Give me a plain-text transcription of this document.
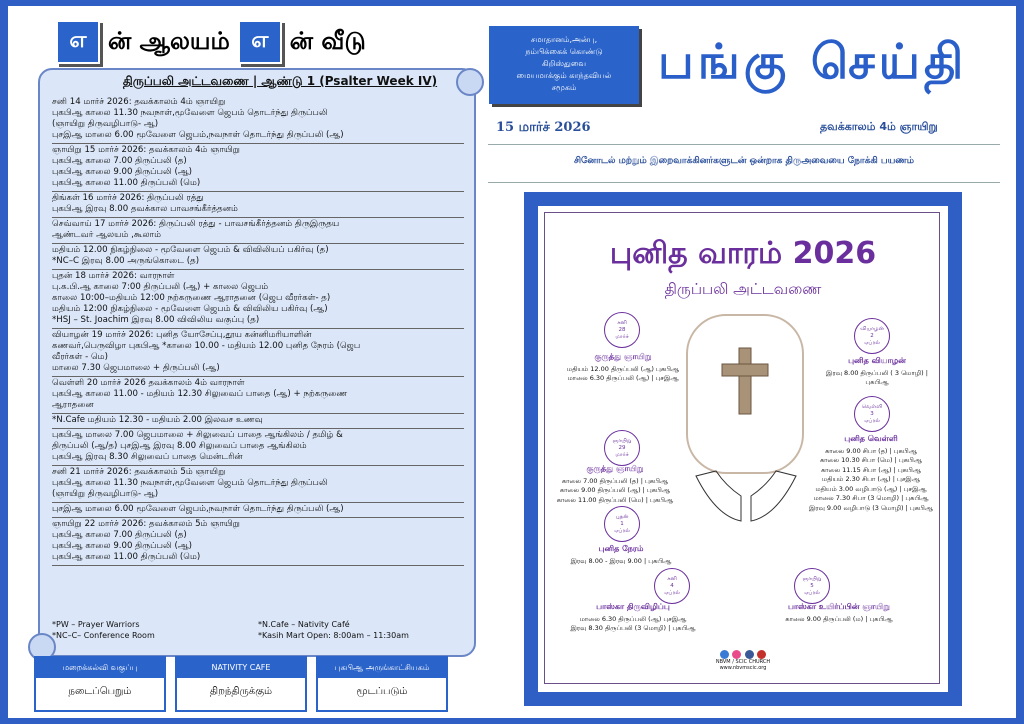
எ ன் ஆலயம் எ ன் வீடு
திருப்பலி அட்டவணை | ஆண்டு 1 (Psalter Week IV)
சனி 14 மார்ச் 2026: தவக்காலம் 4ம் ஞாயிறு
புகபிஆ காலை 11.30 நவநாள்,மூவேளை ஜெபம் தொடர்ந்து திருப்பலி
(ஞாயிறு திருவழிபாடு- ஆ)
புசஇஆ மாலை 6.00 மூவேளை ஜெபம்,நவநாள் தொடர்ந்து திருப்பலி (ஆ)
ஞாயிறு 15 மார்ச் 2026: தவக்காலம் 4ம் ஞாயிறு
புகபிஆ காலை 7.00 திருப்பலி (த)
புகபிஆ காலை 9.00 திருப்பலி (ஆ)
புகபிஆ காலை 11.00 திருப்பலி (மெ)
திங்கள் 16 மார்ச் 2026: திருப்பலி ரத்து
புகபிஆ இரவு 8.00 தவக்கால பாவசங்கீர்த்தனம்
செவ்வாய் 17 மார்ச் 2026: திருப்பலி ரத்து - பாவசங்கீர்த்தனம் திருஇருதய
ஆண்டவர் ஆலயம் ,கூலாம்
மதியம் 12.00 நிகழ்நிலை - மூவேளை ஜெபம் & விவிலியப் பகிர்வு (த)
*NC–C இரவு 8.00 அருங்கொடை (த)
புதன் 18 மார்ச் 2026: வாரநாள்
பு.க.பி.ஆ காலை 7:00 திருப்பலி (ஆ) + காலை ஜெபம்
காலை 10:00–மதியம் 12:00 நற்கருணை ஆராதனை (ஜெப வீரர்கள்- த)
மதியம் 12:00 நிகழ்நிலை - மூவேளை ஜெபம் & விவிலிய பகிர்வு (ஆ)
*HSJ – St. Joachim இரவு 8.00 விவிலிய வகுப்பு (த)
வியாழன் 19 மார்ச் 2026: புனித யோசேப்பு,தூய கன்னிமரியாளின்
கணவர்,பெருவிழா புகபிஆ *காலை 10.00 - மதியம் 12.00 புனித நேரம் (ஜெப
வீரர்கள் - மெ)
மாலை 7.30 ஜெபமாலை + திருப்பலி (ஆ)
வெள்ளி 20 மார்ச் 2026 தவக்காலம் 4ம் வாரநாள்
புகபிஆ காலை 11.00 - மதியம் 12.30 சிலுவைப் பாதை (ஆ) + நற்கருணை
ஆராதனை
*N.Cafe மதியம் 12.30 - மதியம் 2.00 இலவச உணவு
புகபிஆ மாலை 7.00 ஜெபமாலை + சிலுவைப் பாதை ஆங்கிலம் / தமிழ் &
திருப்பலி (ஆ/த) புசஇஆ இரவு 8.00 சிலுவைப் பாதை ஆங்கிலம்
புகபிஆ இரவு 8.30 சிலுவைப் பாதை மென்டரின்
சனி 21 மார்ச் 2026: தவக்காலம் 5ம் ஞாயிறு
புகபிஆ காலை 11.30 நவநாள்,மூவேளை ஜெபம் தொடர்ந்து திருப்பலி
(ஞாயிறு திருவழிபாடு- ஆ)
புசஇஆ மாலை 6.00 மூவேளை ஜெபம்,நவநாள் தொடர்ந்து திருப்பலி (ஆ)
ஞாயிறு 22 மார்ச் 2026: தவக்காலம் 5ம் ஞாயிறு
புகபிஆ காலை 7.00 திருப்பலி (த)
புகபிஆ காலை 9.00 திருப்பலி (ஆ)
புகபிஆ காலை 11.00 திருப்பலி (மெ)
*PW – Prayer Warriors	*N.Cafe – Nativity Café
*NC–C– Conference Room	*Kasih Mart Open: 8:00am – 11:30am
மறைக்கல்வி வகுப்பு
நடைப்பெறும்
NATIVITY CAFE
திறந்திருக்கும்
புகபிஆ அருங்காட்சியகம்
மூடப்படும்
சமாதானம்,அன்பு,
நம்பிக்கைக் கொண்டு
கிறிஸ்துவை
மையமாக்கும் காந்தவியல்
சமூகம்	பங்கு செய்தி
15 மார்ச் 2026	தவக்காலம் 4ம் ஞாயிறு
சினோடல் மற்றும் இறைவாக்கினர்களுடன் ஒன்றாக திருஅவையை நோக்கி பயணம்
புனித வாரம் 2026
திருப்பலி அட்டவணை

NBVM / SCIC CHURCH
www.nbvmscic.org
சனி
28
மார்ச்
குருத்து ஞாயிறு
மதியம் 12.00 திருப்பலி (ஆ) புகபிஆ
மாலை 6.30 திருப்பலி (ஆ) | புசஇஆ
ஞாயிறு
29
மார்ச்
குருத்து ஞாயிறு
காலை 7.00 திருப்பலி (த) | புகபிஆ
காலை 9.00 திருப்பலி (ஆ) | புகபிஆ
காலை 11.00 திருப்பலி (மெ) | புகபிஆ
புதன்
1
ஏப்ரல்
புனித நேரம்
இரவு 8.00 - இரவு 9.00 | புகபிஆ
வியாழன்
2
ஏப்ரல்
புனித வியாழன்
இரவு 8.00 திருப்பலி ( 3 மொழி) |
புகபிஆ
வெள்ளி
3
ஏப்ரல்
புனித வெள்ளி
காலை 9.00 சிபா (த) | புகபிஆ
காலை 10.30 சிபா (மெ) | புகபிஆ
காலை 11.15 சிபா (ஆ) | புகபிஆ
மதியம் 2.30 சிபா (ஆ) | புசஇஆ
மதியம் 3.00 வழிபாடு (ஆ) | புசஇஆ
மாலை 7.30 சிபா (3 மொழி) | புகபிஆ
இரவு 9.00 வழிபாடு (3 மொழி) | புகபிஆ
சனி
4
ஏப்ரல்
பாஸ்கா திருவிழிப்பு
மாலை 6.30 திருப்பலி (ஆ) புசஇஆ
இரவு 8.30 திருப்பலி (3 மொழி) | புகபிஆ
ஞாயிறு
5
ஏப்ரல்
பாஸ்கா உயிர்ப்பின் ஞாயிறு
காலை 9.00 திருப்பலி (ம) | புகபிஆ
